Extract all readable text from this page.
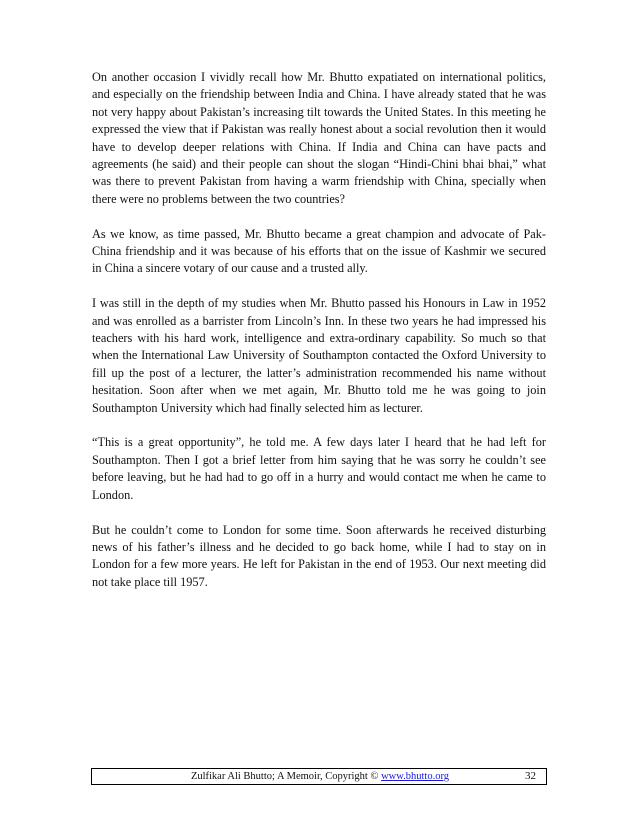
On another occasion I vividly recall how Mr. Bhutto expatiated on international politics, and especially on the friendship between India and China. I have already stated that he was not very happy about Pakistan’s increasing tilt towards the United States. In this meeting he expressed the view that if Pakistan was really honest about a social revolution then it would have to develop deeper relations with China. If India and China can have pacts and agreements (he said) and their people can shout the slogan “Hindi-Chini bhai bhai,” what was there to prevent Pakistan from having a warm friendship with China, specially when there were no problems between the two countries?

As we know, as time passed, Mr. Bhutto became a great champion and advocate of Pak-China friendship and it was because of his efforts that on the issue of Kashmir we secured in China a sincere votary of our cause and a trusted ally.

I was still in the depth of my studies when Mr. Bhutto passed his Honours in Law in 1952 and was enrolled as a barrister from Lincoln’s Inn. In these two years he had impressed his teachers with his hard work, intelligence and extra-ordinary capability. So much so that when the International Law University of Southampton contacted the Oxford University to fill up the post of a lecturer, the latter’s administration recommended his name without hesitation. Soon after when we met again, Mr. Bhutto told me he was going to join Southampton University which had finally selected him as lecturer.

“This is a great opportunity”, he told me. A few days later I heard that he had left for Southampton. Then I got a brief letter from him saying that he was sorry he couldn’t see before leaving, but he had had to go off in a hurry and would contact me when he came to London.

But he couldn’t come to London for some time. Soon afterwards he received disturbing news of his father’s illness and he decided to go back home, while I had to stay on in London for a few more years. He left for Pakistan in the end of 1953. Our next meeting did not take place till 1957.

Zulfikar Ali Bhutto; A Memoir, Copyright © www.bhutto.org	32
